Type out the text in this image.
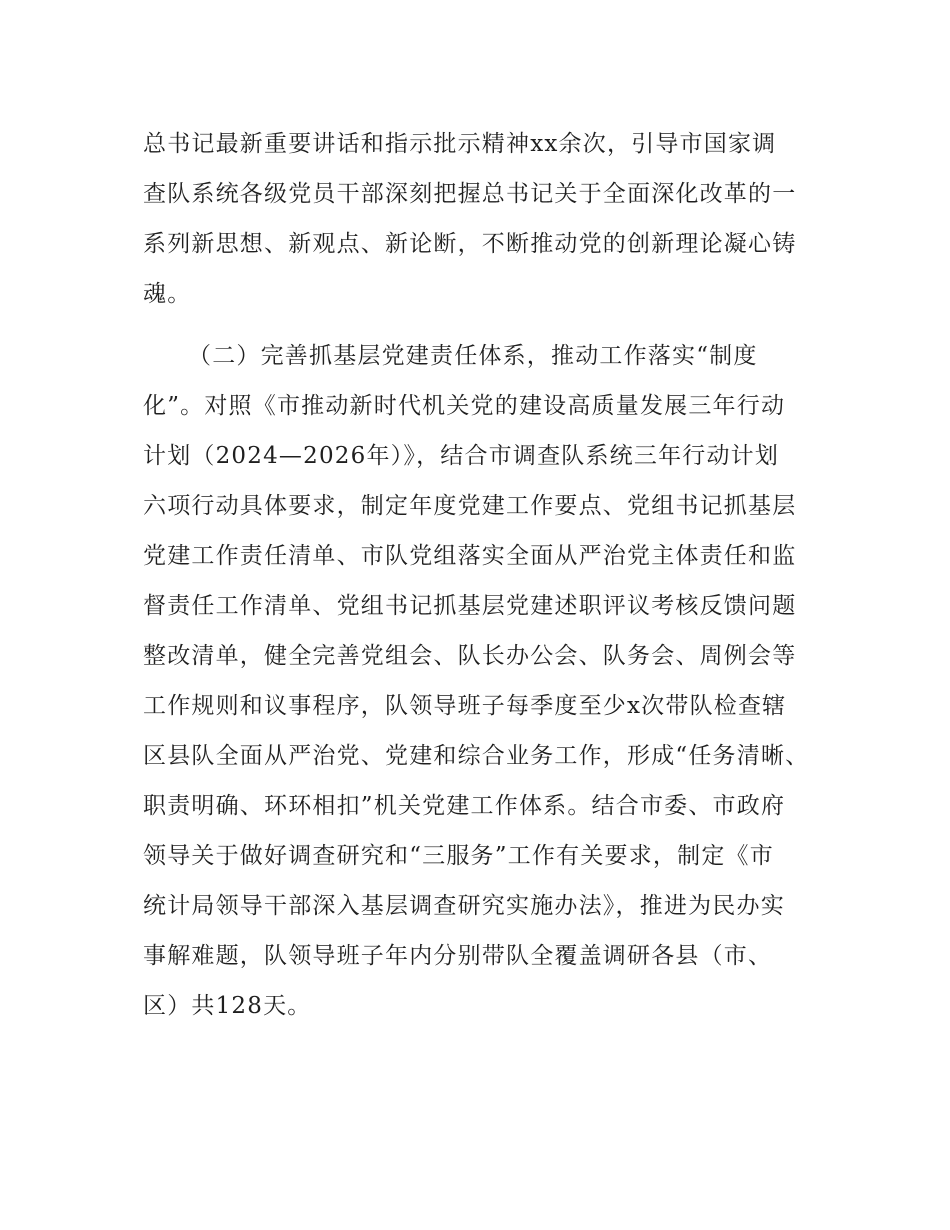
总书记最新重要讲话和指示批示精神xx余次，引导市国家调

查队系统各级党员干部深刻把握总书记关于全面深化改革的一

系列新思想、新观点、新论断，不断推动党的创新理论凝心铸

魂。

（二）完善抓基层党建责任体系，推动工作落实“制度

化”。对照《市推动新时代机关党的建设高质量发展三年行动

计划（2024—2026年）》，结合市调查队系统三年行动计划

六项行动具体要求，制定年度党建工作要点、党组书记抓基层

党建工作责任清单、市队党组落实全面从严治党主体责任和监

督责任工作清单、党组书记抓基层党建述职评议考核反馈问题

整改清单，健全完善党组会、队长办公会、队务会、周例会等

工作规则和议事程序，队领导班子每季度至少x次带队检查辖

区县队全面从严治党、党建和综合业务工作，形成“任务清晰、

职责明确、环环相扣”机关党建工作体系。结合市委、市政府

领导关于做好调查研究和“三服务”工作有关要求，制定《市

统计局领导干部深入基层调查研究实施办法》，推进为民办实

事解难题，队领导班子年内分别带队全覆盖调研各县（市、

区）共128天。
